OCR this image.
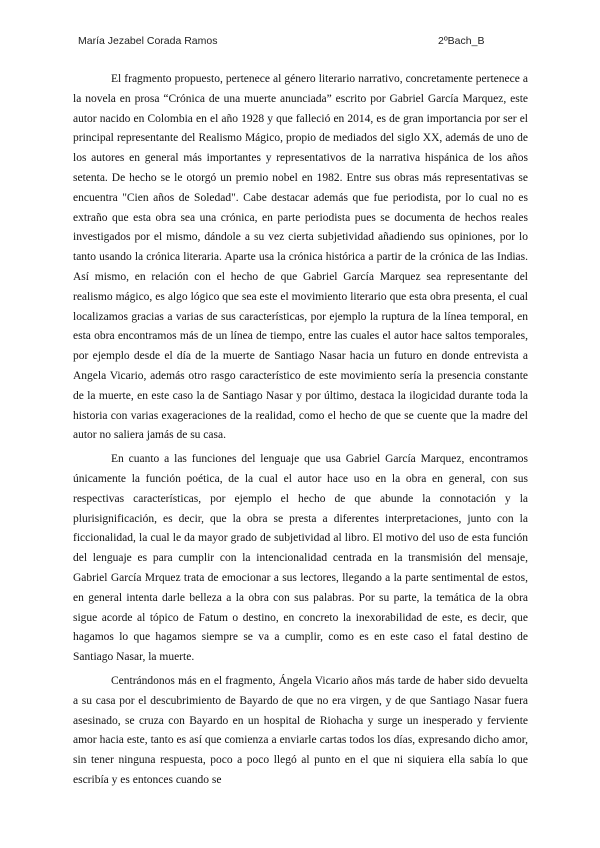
María Jezabel Corada Ramos	2ºBach_B

El fragmento propuesto, pertenece al género literario narrativo, concretamente pertenece a la novela en prosa “Crónica de una muerte anunciada” escrito por Gabriel García Marquez, este autor nacido en Colombia en el año 1928 y que falleció en 2014, es de gran importancia por ser el principal representante del Realismo Mágico, propio de mediados del siglo XX, además de uno de los autores en general más importantes y representativos de la narrativa hispánica de los años setenta. De hecho se le otorgó un premio nobel en 1982. Entre sus obras más representativas se encuentra "Cien años de Soledad". Cabe destacar además que fue periodista, por lo cual no es extraño que esta obra sea una crónica, en parte periodista pues se documenta de hechos reales investigados por el mismo, dándole a su vez cierta subjetividad añadiendo sus opiniones, por lo tanto usando la crónica literaria. Aparte usa la crónica histórica a partir de la crónica de las Indias. Así mismo, en relación con el hecho de que Gabriel García Marquez sea representante del realismo mágico, es algo lógico que sea este el movimiento literario que esta obra presenta, el cual localizamos gracias a varias de sus características, por ejemplo la ruptura de la línea temporal, en esta obra encontramos más de un línea de tiempo, entre las cuales el autor hace saltos temporales, por ejemplo desde el día de la muerte de Santiago Nasar hacia un futuro en donde entrevista a Angela Vicario, además otro rasgo característico de este movimiento sería la presencia constante de la muerte, en este caso la de Santiago Nasar y por último, destaca la ilogicidad durante toda la historia con varias exageraciones de la realidad, como el hecho de que se cuente que la madre del autor no saliera jamás de su casa.

En cuanto a las funciones del lenguaje que usa Gabriel García Marquez, encontramos únicamente la función poética, de la cual el autor hace uso en la obra en general, con sus respectivas características, por ejemplo el hecho de que abunde la connotación y la plurisignificación, es decir, que la obra se presta a diferentes interpretaciones, junto con la ficcionalidad, la cual le da mayor grado de subjetividad al libro. El motivo del uso de esta función del lenguaje es para cumplir con la intencionalidad centrada en la transmisión del mensaje, Gabriel García Mrquez trata de emocionar a sus lectores, llegando a la parte sentimental de estos, en general intenta darle belleza a la obra con sus palabras. Por su parte, la temática de la obra sigue acorde al tópico de Fatum o destino, en concreto la inexorabilidad de este, es decir, que hagamos lo que hagamos siempre se va a cumplir, como es en este caso el fatal destino de Santiago Nasar, la muerte.

Centrándonos más en el fragmento, Ángela Vicario años más tarde de haber sido devuelta a su casa por el descubrimiento de Bayardo de que no era virgen, y de que Santiago Nasar fuera asesinado, se cruza con Bayardo en un hospital de Riohacha y surge un inesperado y ferviente amor hacia este, tanto es así que comienza a enviarle cartas todos los días, expresando dicho amor, sin tener ninguna respuesta, poco a poco llegó al punto en el que ni siquiera ella sabía lo que escribía y es entonces cuando se
